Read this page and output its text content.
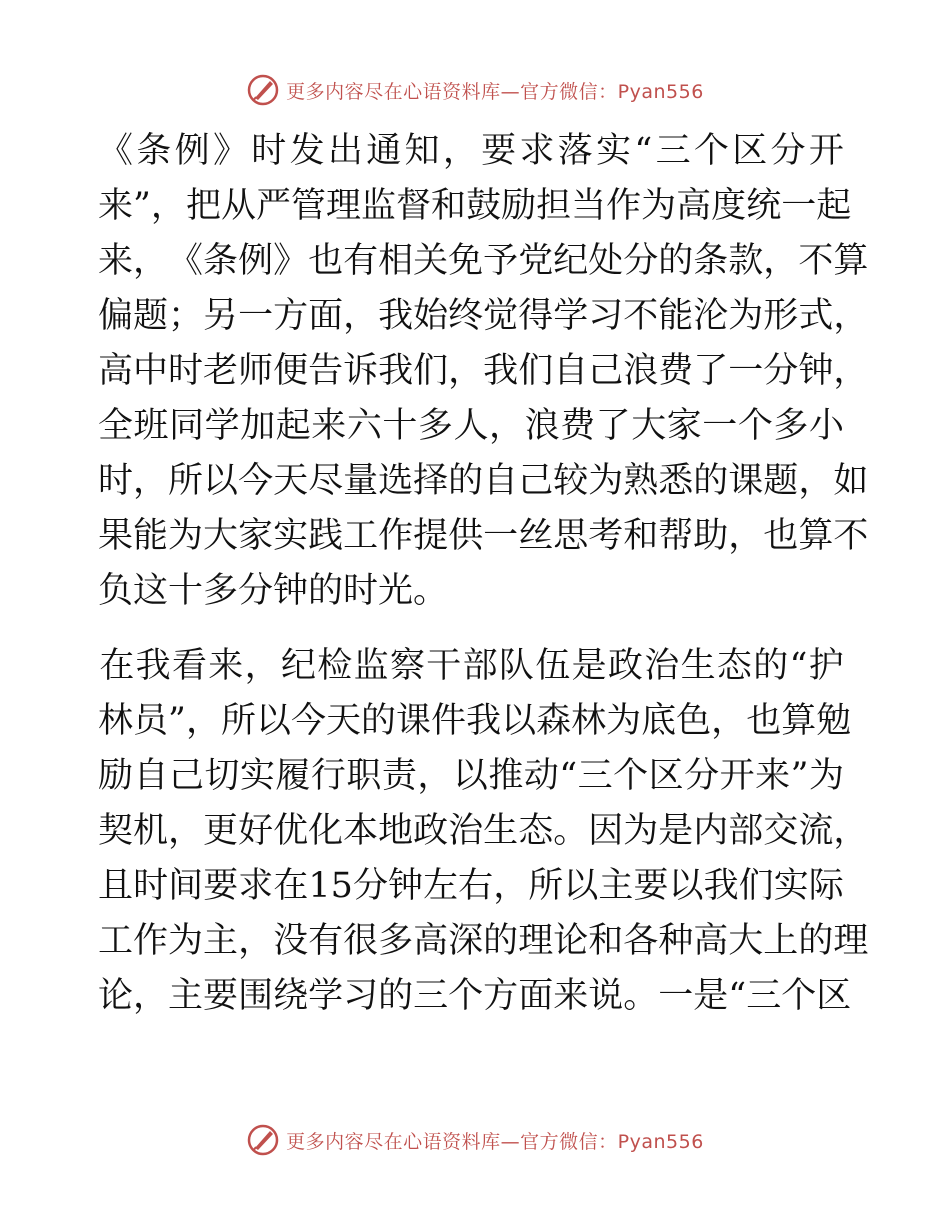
更多内容尽在心语资料库—官方微信：Pyan556
《 条 例 》 时 发 出 通 知 ， 要 求 落 实 “ 三 个 区 分 开
来 ” ， 把 从 严 管 理 监 督 和 鼓 励 担 当 作 为 高 度 统 一 起
来 ， 《 条 例 》 也 有 相 关 免 予 党 纪 处 分 的 条 款 ， 不 算
偏 题 ； 另 一 方 面 ， 我 始 终 觉 得 学 习 不 能 沦 为 形 式 ，
高 中 时 老 师 便 告 诉 我 们 ， 我 们 自 己 浪 费 了 一 分 钟 ，
全 班 同 学 加 起 来 六 十 多 人 ， 浪 费 了 大 家 一 个 多 小
时 ， 所 以 今 天 尽 量 选 择 的 自 己 较 为 熟 悉 的 课 题 ， 如
果 能 为 大 家 实 践 工 作 提 供 一 丝 思 考 和 帮 助 ， 也 算 不
负这十多分钟的时光。
在 我 看 来 ， 纪 检 监 察 干 部 队 伍 是 政 治 生 态 的 “ 护
林 员 ” ， 所 以 今 天 的 课 件 我 以 森 林 为 底 色 ， 也 算 勉
励 自 己 切 实 履 行 职 责 ， 以 推 动 “ 三 个 区 分 开 来 ” 为
契 机 ， 更 好 优 化 本 地 政 治 生 态 。 因 为 是 内 部 交 流 ，
且 时 间 要 求 在 15 分 钟 左 右 ， 所 以 主 要 以 我 们 实 际
工 作 为 主 ， 没 有 很 多 高 深 的 理 论 和 各 种 高 大 上 的 理
论 ， 主 要 围 绕 学 习 的 三 个 方 面 来 说 。 一 是 “ 三 个 区
更多内容尽在心语资料库—官方微信：Pyan556
